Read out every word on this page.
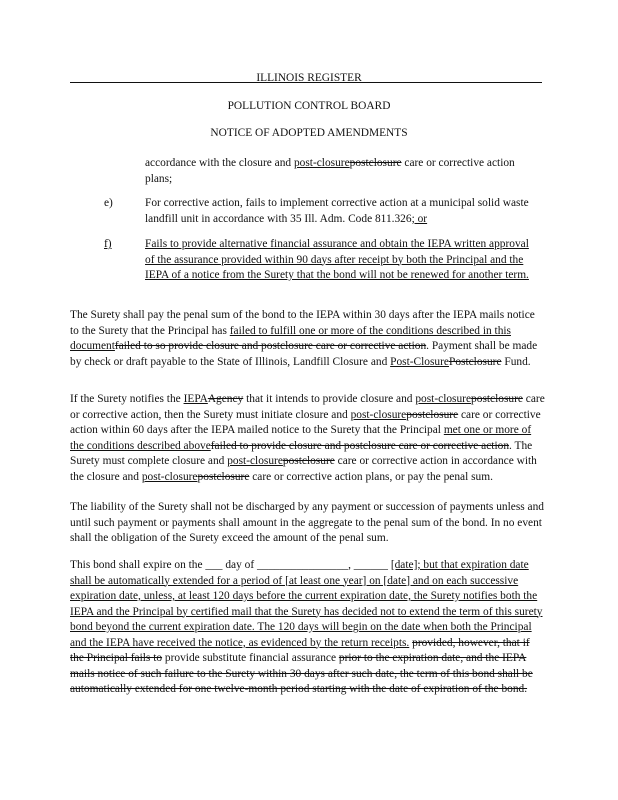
ILLINOIS REGISTER
POLLUTION CONTROL BOARD
NOTICE OF ADOPTED AMENDMENTS
accordance with the closure and post-closurepostclosure care or corrective action plans;
e)	For corrective action, fails to implement corrective action at a municipal solid waste landfill unit in accordance with 35 Ill. Adm. Code 811.326; or
f)	Fails to provide alternative financial assurance and obtain the IEPA written approval of the assurance provided within 90 days after receipt by both the Principal and the IEPA of a notice from the Surety that the bond will not be renewed for another term.
The Surety shall pay the penal sum of the bond to the IEPA within 30 days after the IEPA mails notice to the Surety that the Principal has failed to fulfill one or more of the conditions described in this documentfailed to so provide closure and postclosure care or corrective action. Payment shall be made by check or draft payable to the State of Illinois, Landfill Closure and Post-ClosurePostclosure Fund.
If the Surety notifies the IEPAAgency that it intends to provide closure and post-closurepostclosure care or corrective action, then the Surety must initiate closure and post-closurepostclosure care or corrective action within 60 days after the IEPA mailed notice to the Surety that the Principal met one or more of the conditions described abovefailed to provide closure and postclosure care or corrective action. The Surety must complete closure and post-closurepostclosure care or corrective action in accordance with the closure and post-closurepostclosure care or corrective action plans, or pay the penal sum.
The liability of the Surety shall not be discharged by any payment or succession of payments unless and until such payment or payments shall amount in the aggregate to the penal sum of the bond. In no event shall the obligation of the Surety exceed the amount of the penal sum.
This bond shall expire on the ___ day of ________________, ______ [date]; but that expiration date shall be automatically extended for a period of [at least one year] on [date] and on each successive expiration date, unless, at least 120 days before the current expiration date, the Surety notifies both the IEPA and the Principal by certified mail that the Surety has decided not to extend the term of this surety bond beyond the current expiration date. The 120 days will begin on the date when both the Principal and the IEPA have received the notice, as evidenced by the return receipts. provided, however, that if the Principal fails to provide substitute financial assurance prior to the expiration date, and the IEPA mails notice of such failure to the Surety within 30 days after such date, the term of this bond shall be automatically extended for one twelve-month period starting with the date of expiration of the bond.
